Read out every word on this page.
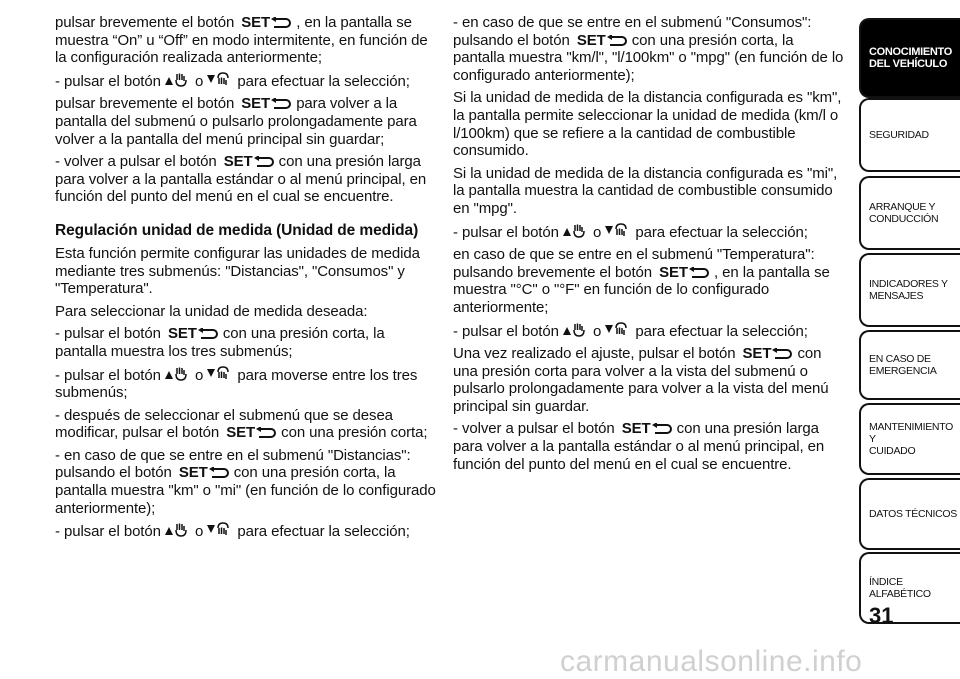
pulsar brevemente el botón SET
, en la pantalla se muestra “On” u “Off” en modo intermitente, en función de la configuración realizada anteriormente;

- pulsar el botón
o
para efectuar la selección;

pulsar brevemente el botón SET
para volver a la pantalla del submenú o pulsarlo prolongadamente para volver a la pantalla del menú principal sin guardar;

- volver a pulsar el botón SET
con una presión larga para volver a la pantalla estándar o al menú principal, en función del punto del menú en el cual se encuentre.

Regulación unidad de medida (Unidad de medida)

Esta función permite configurar las unidades de medida mediante tres submenús: "Distancias", "Consumos" y "Temperatura".

Para seleccionar la unidad de medida deseada:

- pulsar el botón SET
con una presión corta, la pantalla muestra los tres submenús;

- pulsar el botón
o
para moverse entre los tres submenús;

- después de seleccionar el submenú que se desea modificar, pulsar el botón SET
con una presión corta;

- en caso de que se entre en el submenú "Distancias": pulsando el botón SET
con una presión corta, la pantalla muestra "km" o "mi" (en función de lo configurado anteriormente);

- pulsar el botón
o
para efectuar la selección;

- en caso de que se entre en el submenú "Consumos": pulsando el botón SET
con una presión corta, la pantalla muestra "km/l", "l/100km" o "mpg" (en función de lo configurado anteriormente);

Si la unidad de medida de la distancia configurada es "km", la pantalla permite seleccionar la unidad de medida (km/l o l/100km) que se refiere a la cantidad de combustible consumido.

Si la unidad de medida de la distancia configurada es "mi", la pantalla muestra la cantidad de combustible consumido en "mpg".

- pulsar el botón
o
para efectuar la selección;

en caso de que se entre en el submenú "Temperatura": pulsando brevemente el botón SET
, en la pantalla se muestra "°C" o "°F" en función de lo configurado anteriormente;

- pulsar el botón
o
para efectuar la selección;

Una vez realizado el ajuste, pulsar el botón SET
con una presión corta para volver a la vista del submenú o pulsarlo prolongadamente para volver a la vista del menú principal sin guardar.

- volver a pulsar el botón SET
con una presión larga para volver a la pantalla estándar o al menú principal, en función del punto del menú en el cual se encuentre.

CONOCIMIENTO
DEL VEHÍCULO
SEGURIDAD
ARRANQUE Y
CONDUCCIÓN
INDICADORES Y
MENSAJES
EN CASO DE
EMERGENCIA
MANTENIMIENTO Y
CUIDADO
DATOS TÉCNICOS
ÍNDICE ALFABÉTICO
31
carmanualsonline.info
